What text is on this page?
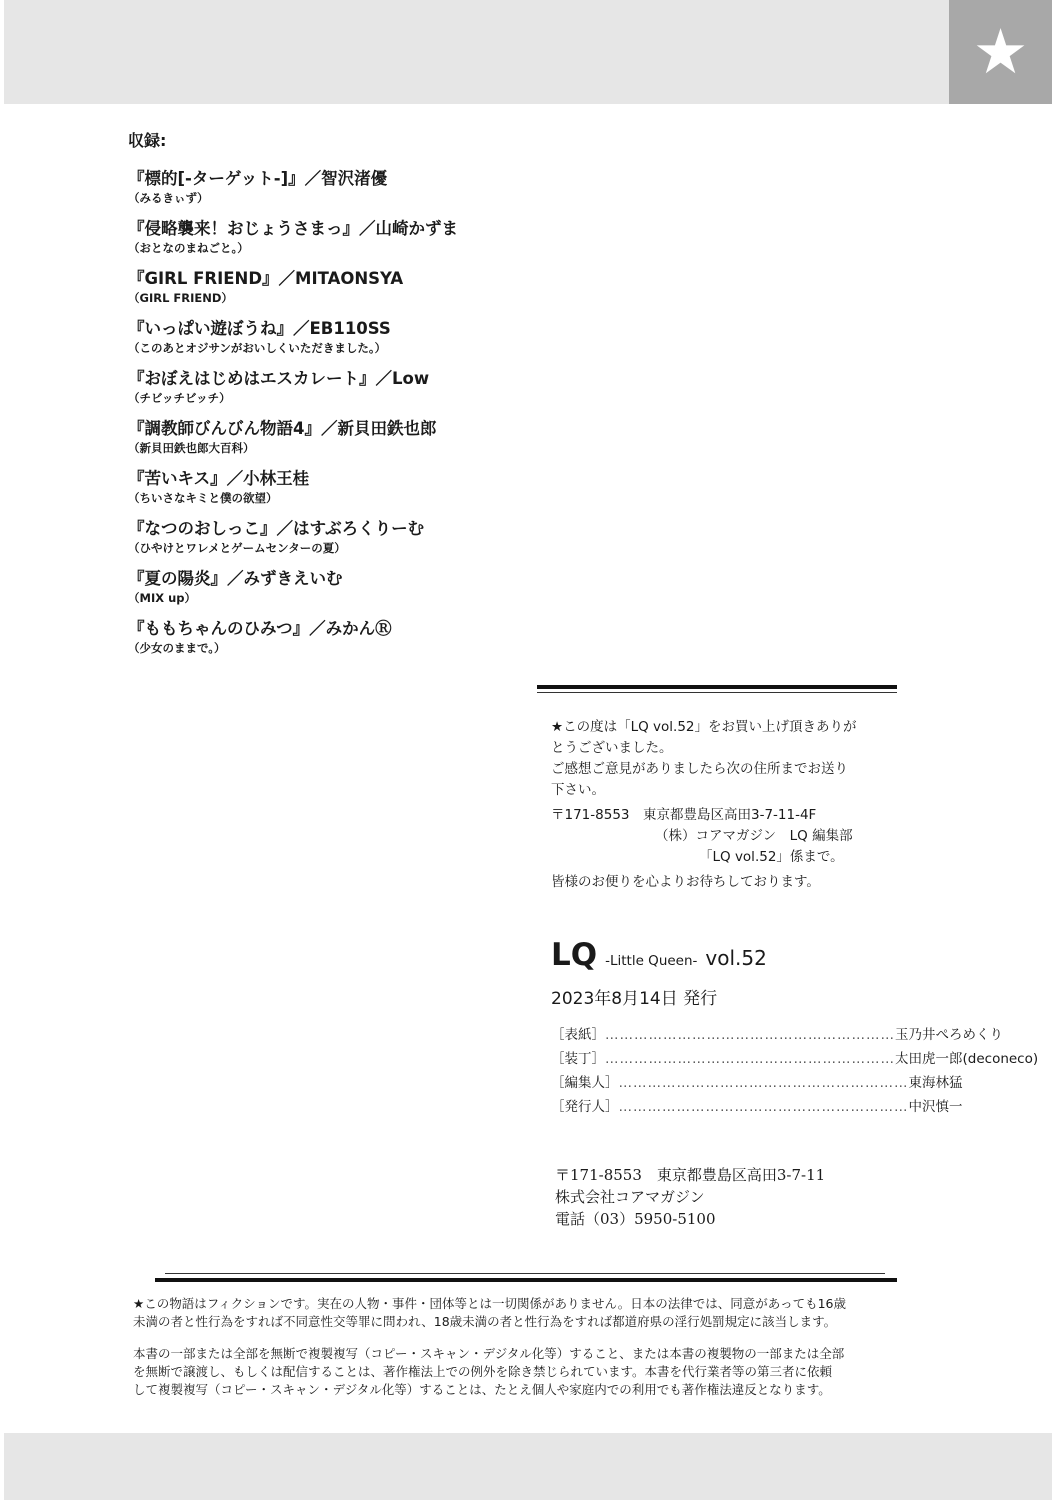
★
収録:
『標的[-ターゲット-]』／智沢渚優
（みるきぃず）
『侵略襲来！おじょうさまっ』／山崎かずま
（おとなのまねごと。）
『GIRL FRIEND』／MITAONSYA
（GIRL FRIEND）
『いっぱい遊ぼうね』／EB110SS
（このあとオジサンがおいしくいただきました。）
『おぼえはじめはエスカレート』／Low
（チビッチビッチ）
『調教師びんびん物語4』／新貝田鉄也郎
（新貝田鉄也郎大百科）
『苦いキス』／小林王桂
（ちいさなキミと僕の欲望）
『なつのおしっこ』／はすぶろくりーむ
（ひやけとワレメとゲームセンターの夏）
『夏の陽炎』／みずきえいむ
（MIX up）
『ももちゃんのひみつ』／みかんⓇ
（少女のままで。）

★この度は「LQ vol.52」をお買い上げ頂きありが
とうございました。
ご感想ご意見がありましたら次の住所までお送り
下さい。

〒171-8553　東京都豊島区高田3-7-11-4F
（株）コアマガジン　LQ 編集部
「LQ vol.52」係まで。

皆様のお便りを心よりお待ちしております。

LQ -Little Queen- vol.52
2023年8月14日 発行
［表紙］ …………………………………………………… 玉乃井ぺろめくり
［装丁］ …………………………………………………… 太田虎一郎(deconeco)
［編集人］ …………………………………………………… 東海林猛
［発行人］ …………………………………………………… 中沢慎一
〒171-8553　東京都豊島区高田3-7-11
株式会社コアマガジン
電話（03）5950-5100

★この物語はフィクションです。実在の人物・事件・団体等とは一切関係がありません。日本の法律では、同意があっても16歳
未満の者と性行為をすれば不同意性交等罪に問われ、18歳未満の者と性行為をすれば都道府県の淫行処罰規定に該当します。

本書の一部または全部を無断で複製複写（コピー・スキャン・デジタル化等）すること、または本書の複製物の一部または全部
を無断で譲渡し、もしくは配信することは、著作権法上での例外を除き禁じられています。本書を代行業者等の第三者に依頼
して複製複写（コピー・スキャン・デジタル化等）することは、たとえ個人や家庭内での利用でも著作権法違反となります。
